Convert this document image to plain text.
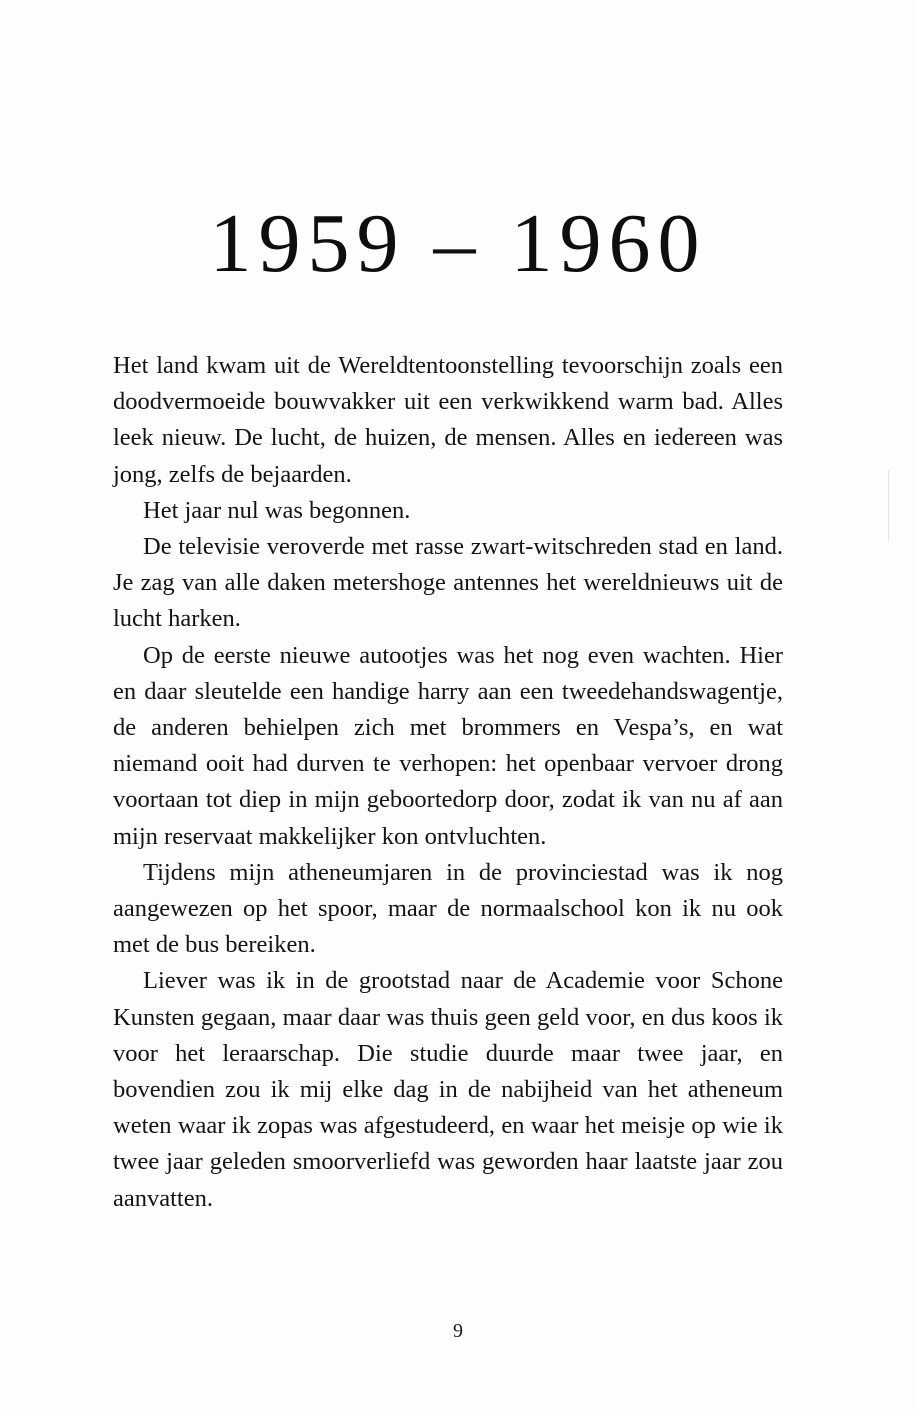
1959 – 1960

Het land kwam uit de Wereldtentoonstelling tevoorschijn zoals een doodvermoeide bouwvakker uit een verkwikkend warm bad. Alles leek nieuw. De lucht, de huizen, de mensen. Alles en iedereen was jong, zelfs de bejaarden.

Het jaar nul was begonnen.

De televisie veroverde met rasse zwart-witschreden stad en land. Je zag van alle daken metershoge antennes het wereldnieuws uit de lucht harken.

Op de eerste nieuwe autootjes was het nog even wachten. Hier en daar sleutelde een handige harry aan een tweedehandswagentje, de anderen behielpen zich met brommers en Vespa’s, en wat niemand ooit had durven te verhopen: het openbaar vervoer drong voortaan tot diep in mijn geboortedorp door, zodat ik van nu af aan mijn reservaat makkelijker kon ontvluchten.

Tijdens mijn atheneumjaren in de provinciestad was ik nog aangewezen op het spoor, maar de normaalschool kon ik nu ook met de bus bereiken.

Liever was ik in de grootstad naar de Academie voor Schone Kunsten gegaan, maar daar was thuis geen geld voor, en dus koos ik voor het leraarschap. Die studie duurde maar twee jaar, en bovendien zou ik mij elke dag in de nabijheid van het atheneum weten waar ik zopas was afgestudeerd, en waar het meisje op wie ik twee jaar geleden smoorverliefd was geworden haar laatste jaar zou aanvatten.

9
